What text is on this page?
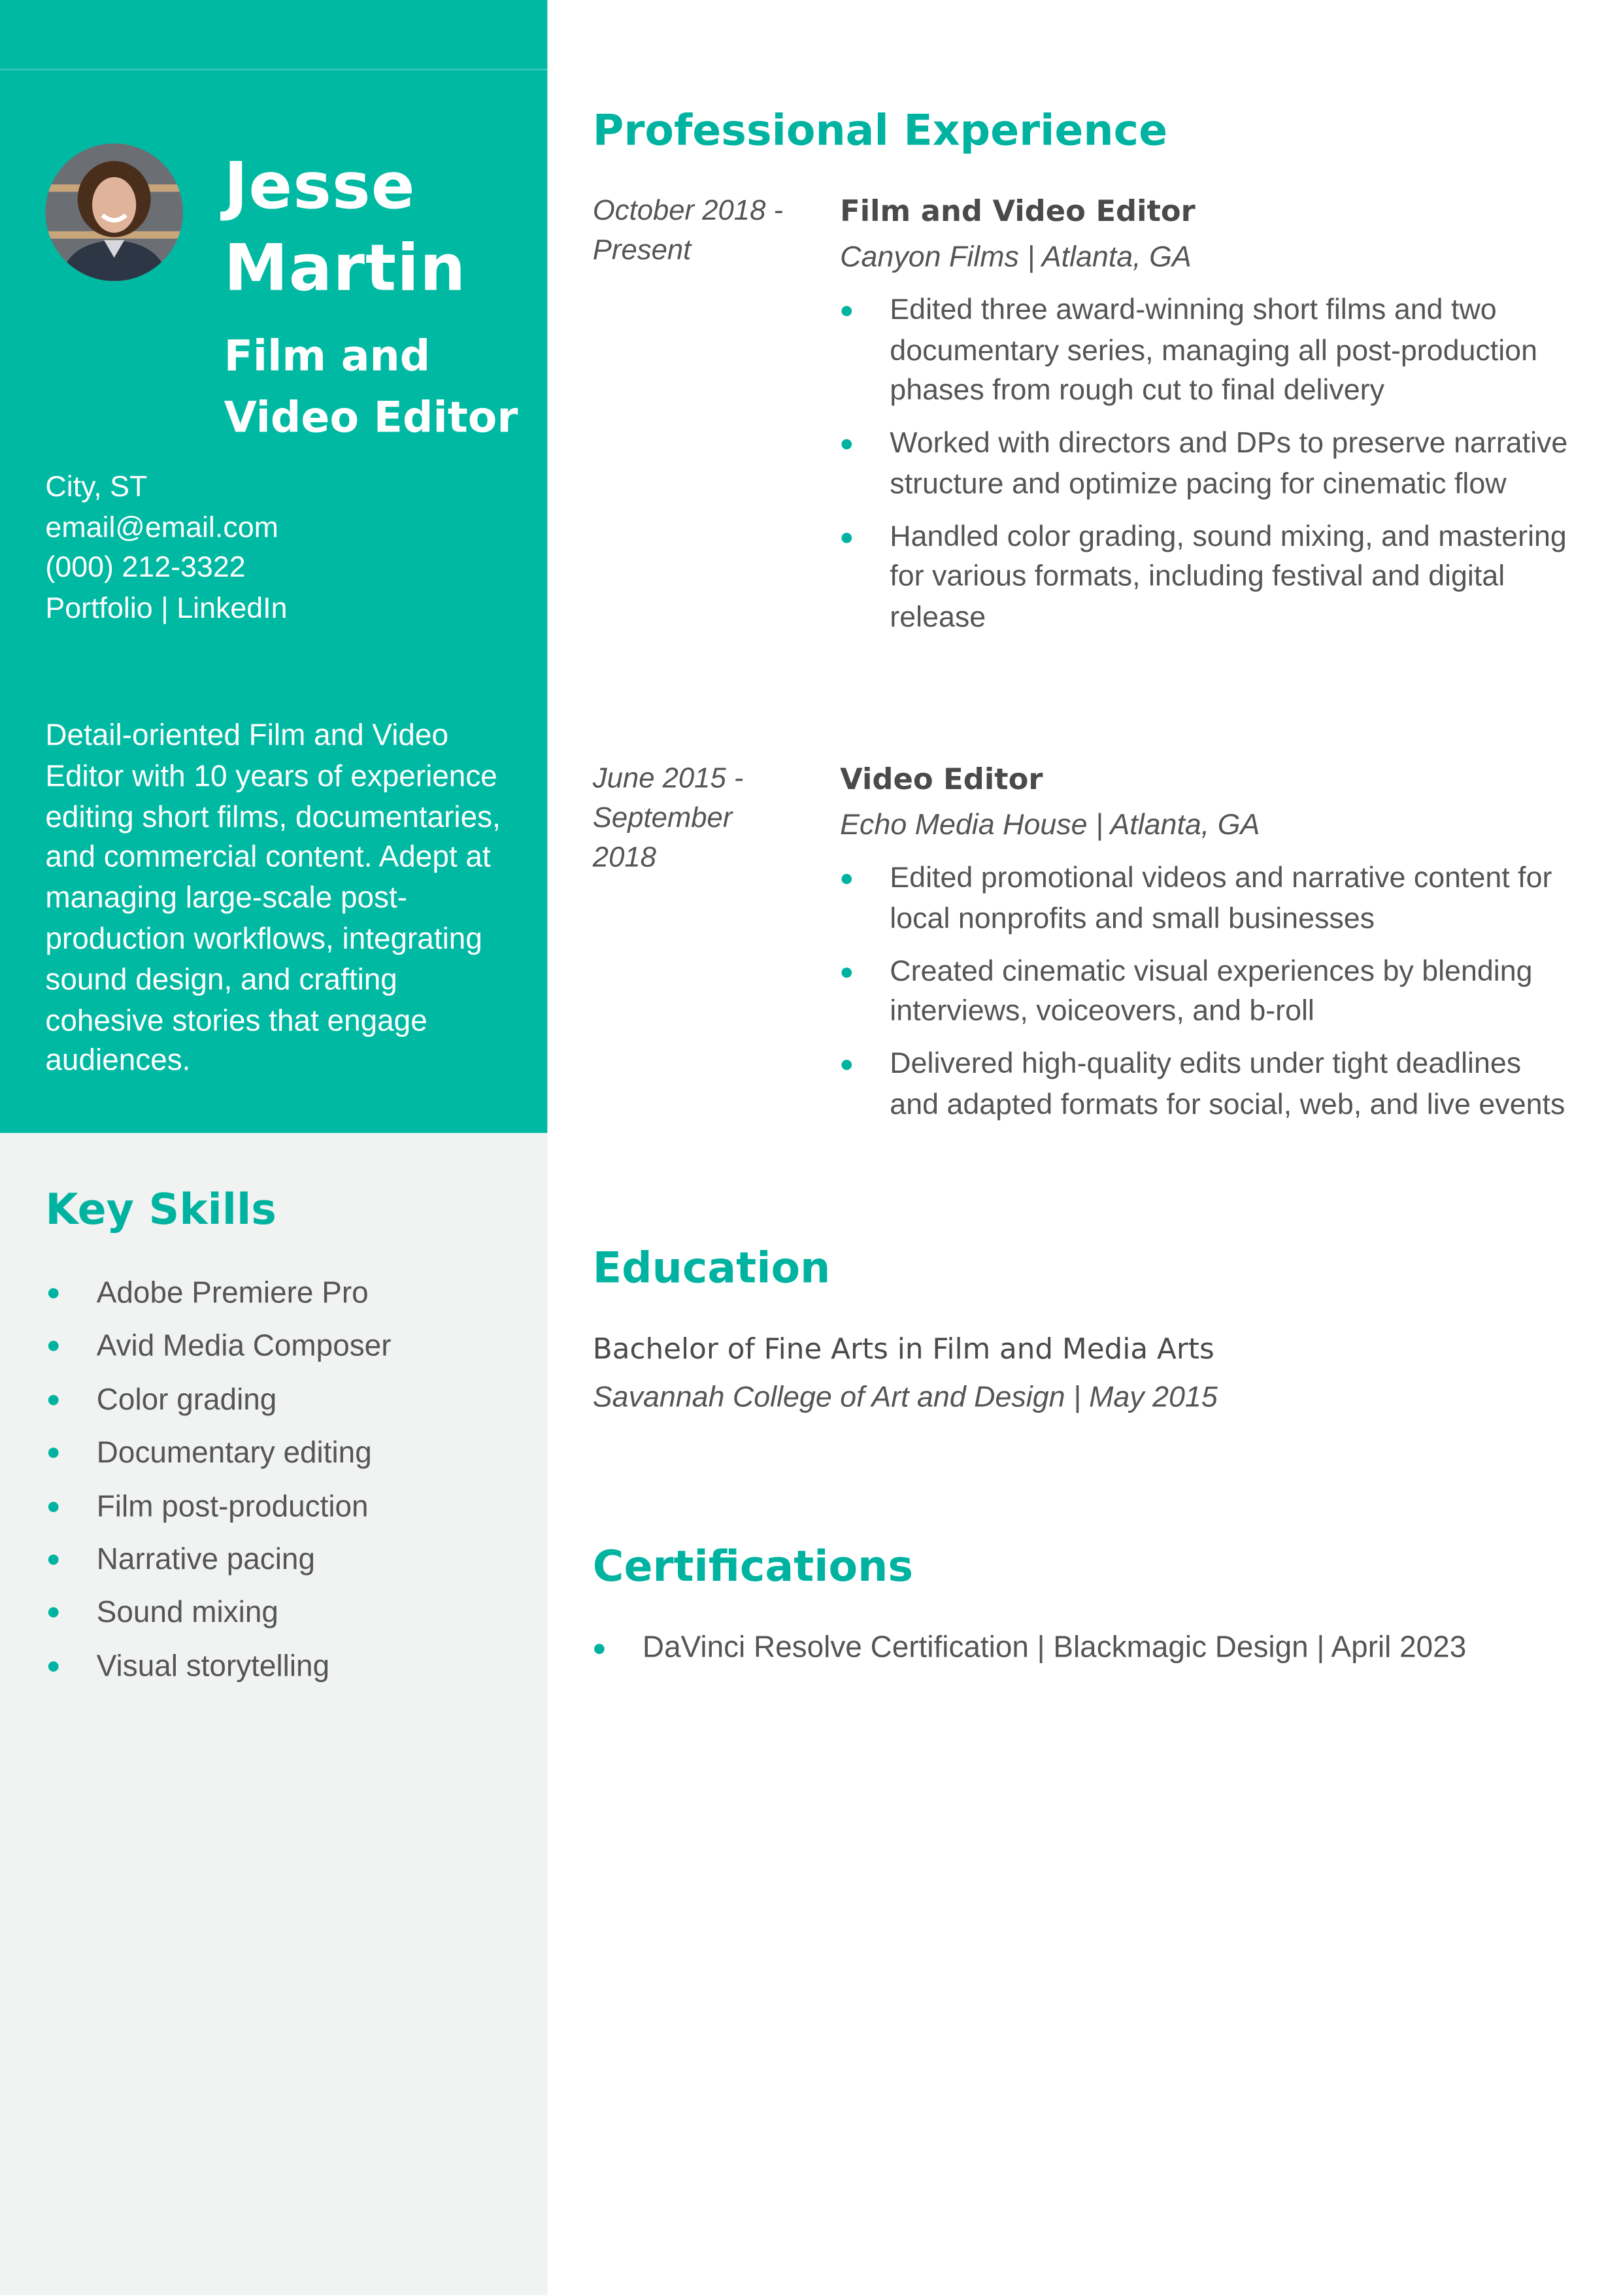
Jesse
Martin
Film and
Video Editor
City, ST
email@email.com
(000) 212-3322
Portfolio | LinkedIn
Detail-oriented Film and Video Editor with 10 years of experience editing short films, documentaries, and commercial content. Adept at managing large-scale post-production workflows, integrating sound design, and crafting cohesive stories that engage audiences.
Key Skills
Adobe Premiere Pro
Avid Media Composer
Color grading
Documentary editing
Film post-production
Narrative pacing
Sound mixing
Visual storytelling
Professional Experience
October 2018 - Present
Film and Video Editor
Canyon Films | Atlanta, GA
Edited three award-winning short films and two documentary series, managing all post-production phases from rough cut to final delivery
Worked with directors and DPs to preserve narrative structure and optimize pacing for cinematic flow
Handled color grading, sound mixing, and mastering for various formats, including festival and digital release
June 2015 - September 2018
Video Editor
Echo Media House | Atlanta, GA
Edited promotional videos and narrative content for local nonprofits and small businesses
Created cinematic visual experiences by blending interviews, voiceovers, and b-roll
Delivered high-quality edits under tight deadlines and adapted formats for social, web, and live events
Education
Bachelor of Fine Arts in Film and Media Arts
Savannah College of Art and Design | May 2015
Certifications
DaVinci Resolve Certification | Blackmagic Design | April 2023
